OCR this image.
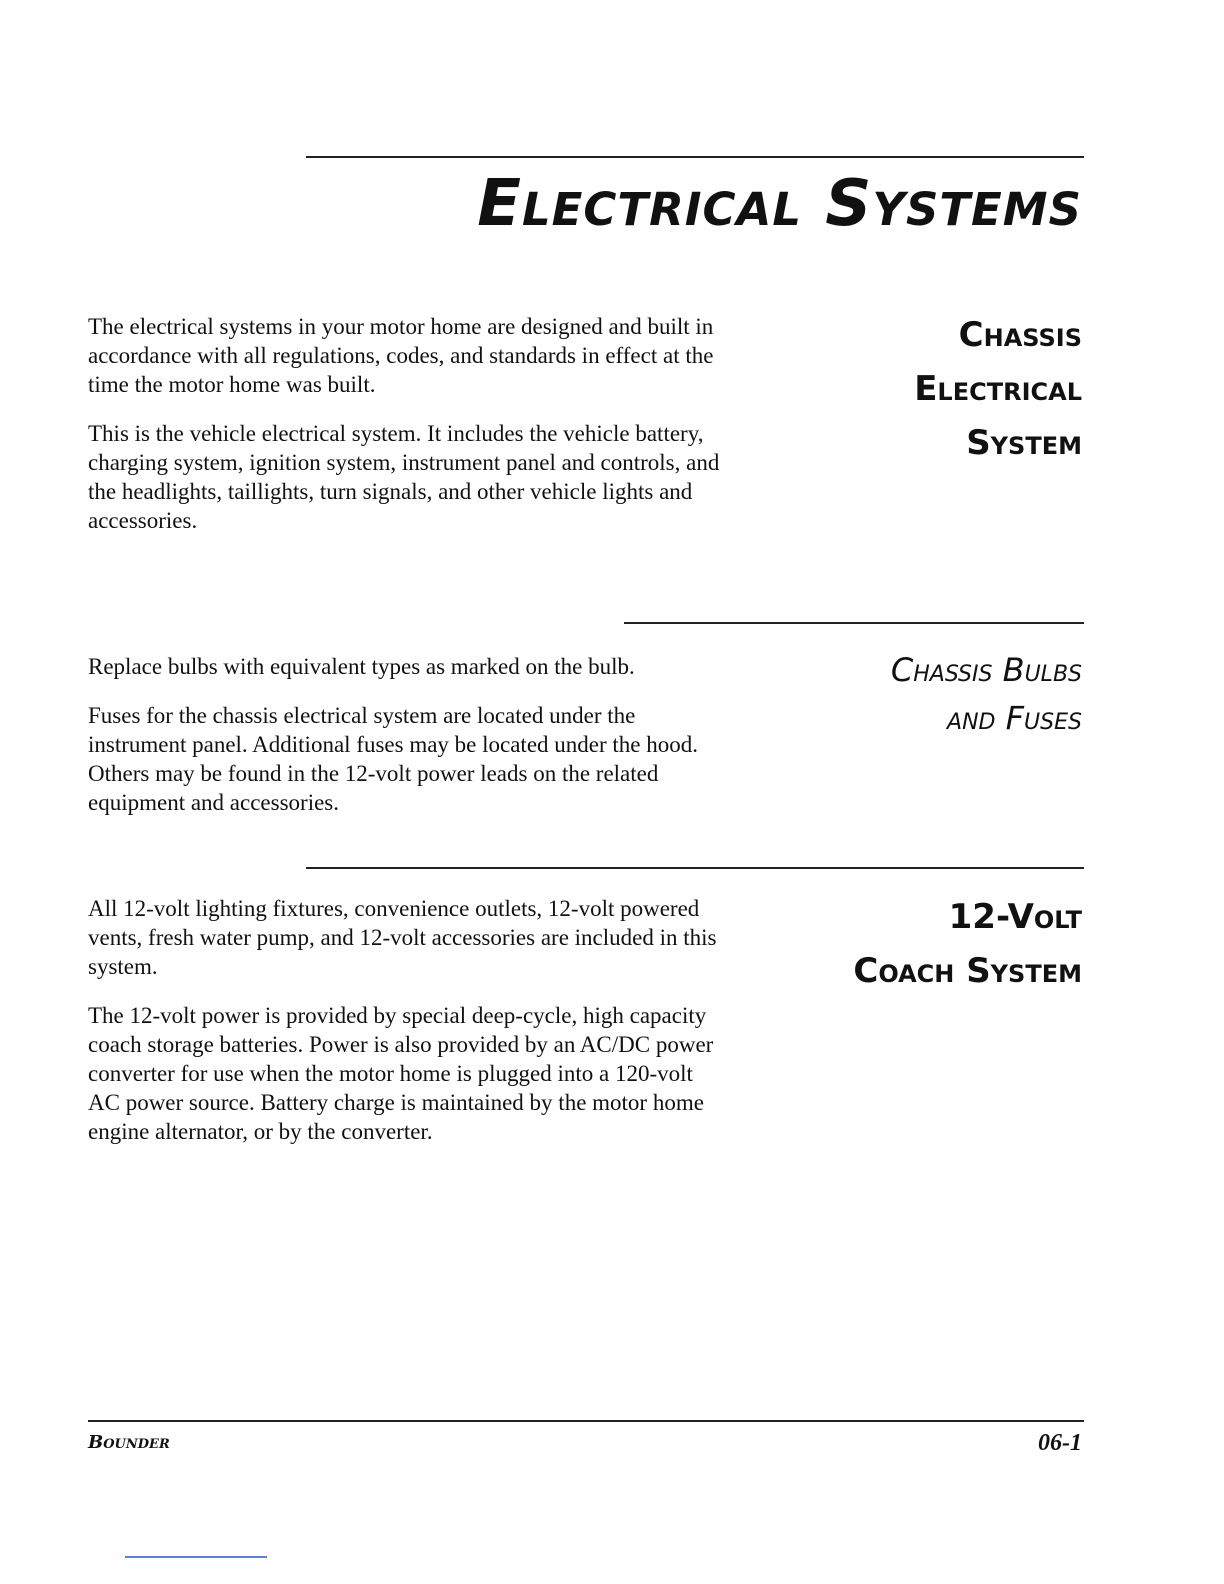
Electrical Systems

The electrical systems in your motor home are designed and built in accordance with all regulations, codes, and standards in effect at the time the motor home was built.

This is the vehicle electrical system. It includes the vehicle battery, charging system, ignition system, instrument panel and controls, and the headlights, taillights, turn signals, and other vehicle lights and accessories.

Chassis
Electrical
System

Replace bulbs with equivalent types as marked on the bulb.

Fuses for the chassis electrical system are located under the instrument panel. Additional fuses may be located under the hood. Others may be found in the 12-volt power leads on the related equipment and accessories.

Chassis Bulbs
and Fuses

All 12-volt lighting fixtures, convenience outlets, 12-volt powered vents, fresh water pump, and 12-volt accessories are included in this system.

The 12-volt power is provided by special deep-cycle, high capacity coach storage batteries. Power is also provided by an AC/DC power converter for use when the motor home is plugged into a 120-volt AC power source. Battery charge is maintained by the motor home engine alternator, or by the converter.

12-Volt
Coach System
Bounder	06-1
